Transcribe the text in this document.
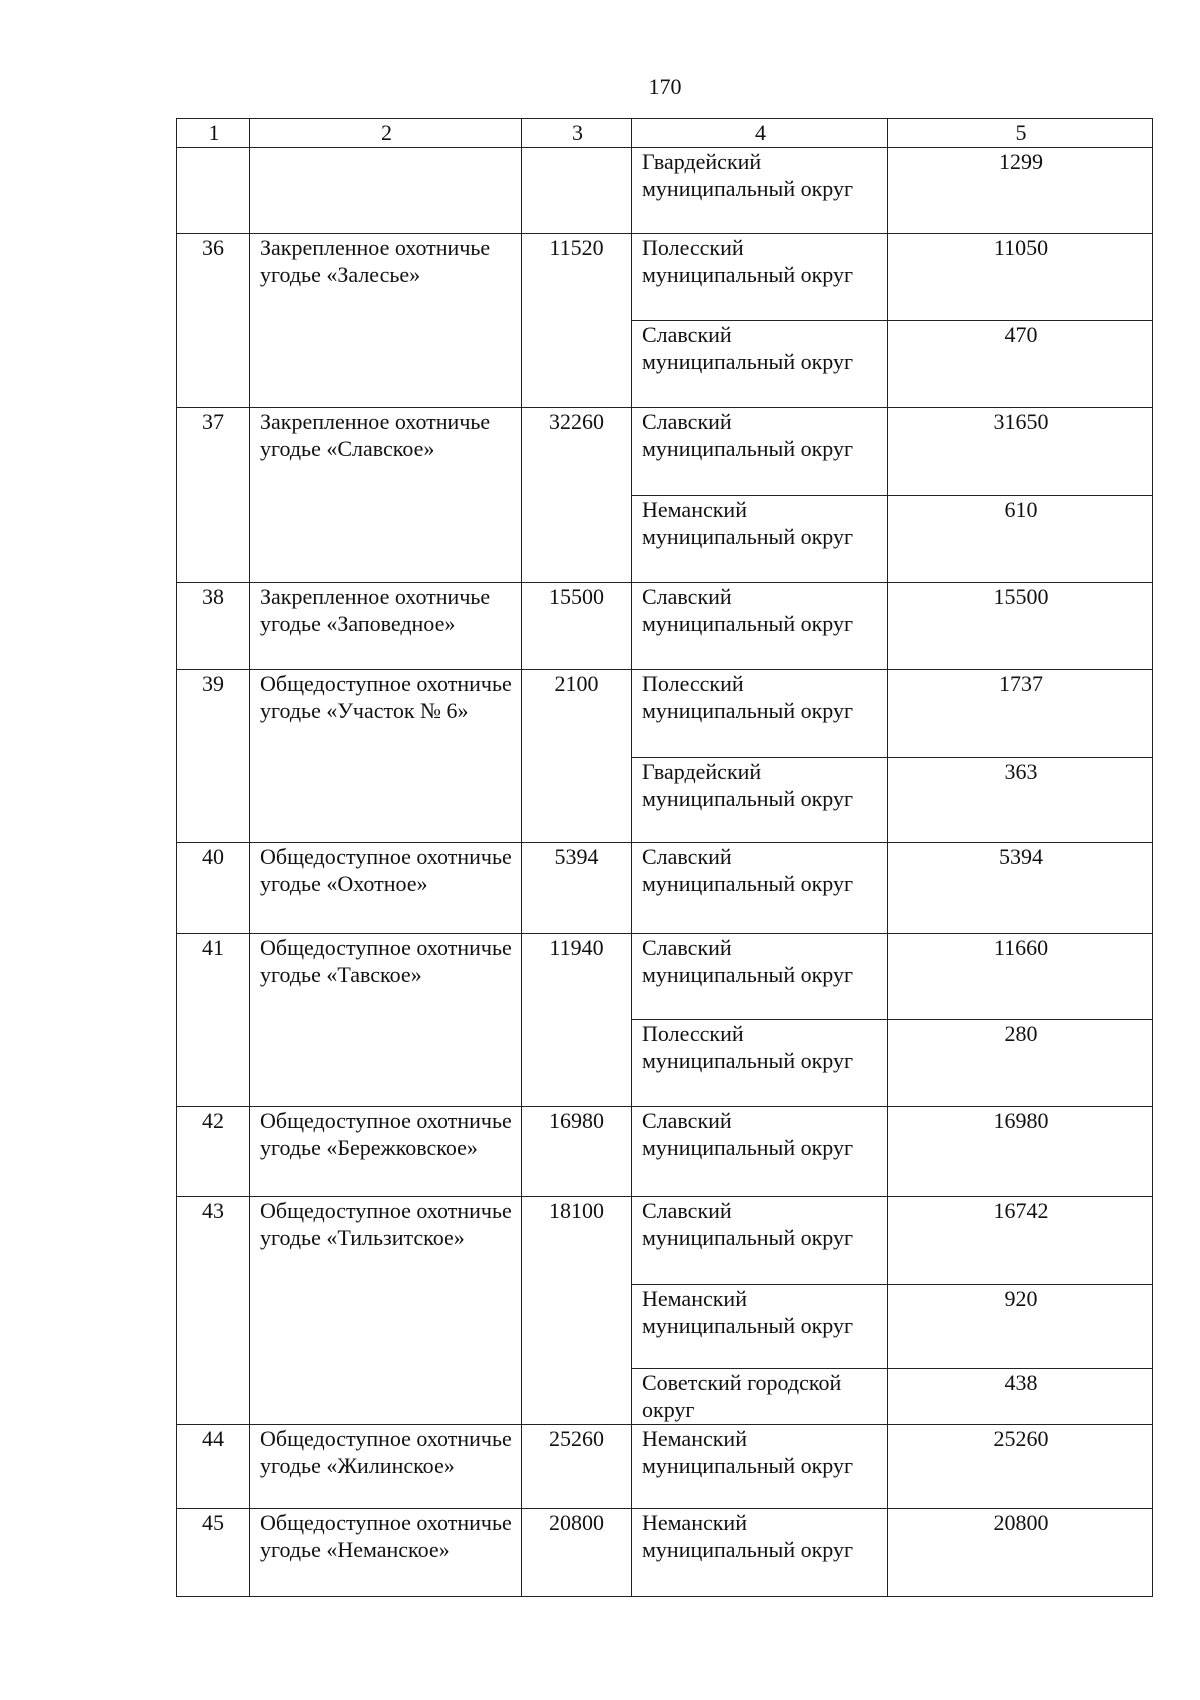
170
1	2	3	4	5
			Гвардейский муниципальный округ	1299
36	Закрепленное охотничье угодье «Залесье»	11520	Полесский муниципальный округ	11050
			Славский муниципальный округ	470
37	Закрепленное охотничье угодье «Славское»	32260	Славский муниципальный округ	31650
			Неманский муниципальный округ	610
38	Закрепленное охотничье угодье «Заповедное»	15500	Славский муниципальный округ	15500
39	Общедоступное охотничье угодье «Участок № 6»	2100	Полесский муниципальный округ	1737
			Гвардейский муниципальный округ	363
40	Общедоступное охотничье угодье «Охотное»	5394	Славский муниципальный округ	5394
41	Общедоступное охотничье угодье «Тавское»	11940	Славский муниципальный округ	11660
			Полесский муниципальный округ	280
42	Общедоступное охотничье угодье «Бережковское»	16980	Славский муниципальный округ	16980
43	Общедоступное охотничье угодье «Тильзитское»	18100	Славский муниципальный округ	16742
			Неманский муниципальный округ	920
			Советский городской округ	438
44	Общедоступное охотничье угодье «Жилинское»	25260	Неманский муниципальный округ	25260
45	Общедоступное охотничье угодье «Неманское»	20800	Неманский муниципальный округ	20800
